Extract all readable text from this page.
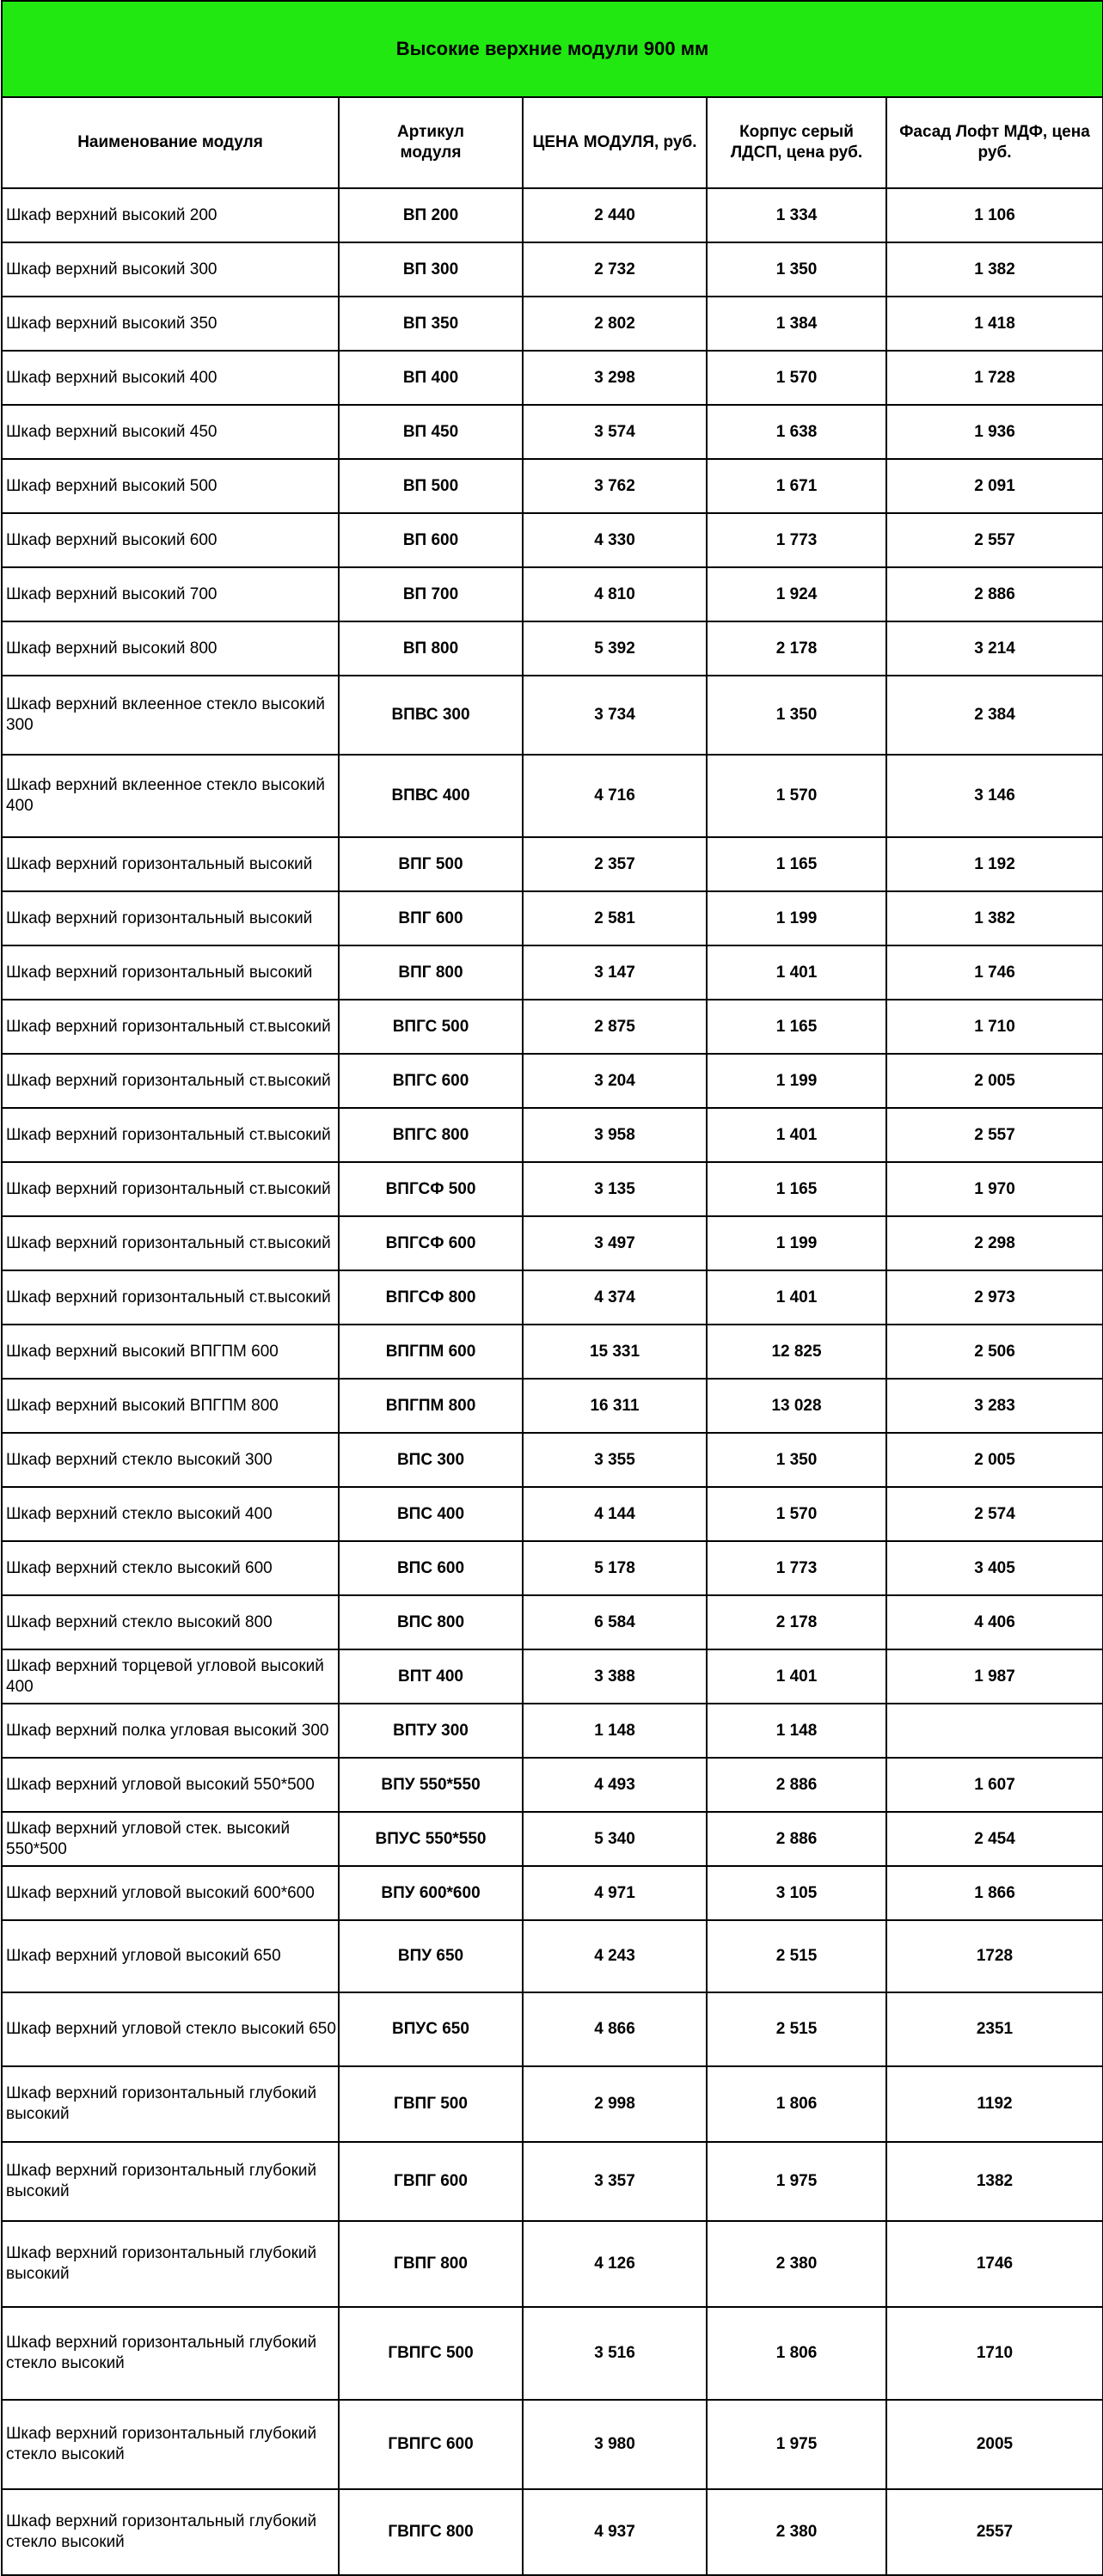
Высокие верхние модули 900 мм				
Наименование модуля	Артикул модуля	ЦЕНА МОДУЛЯ, руб.	Корпус серый ЛДСП, цена руб.	Фасад Лофт МДФ, цена руб.
Шкаф верхний высокий 200	ВП 200	2 440	1 334	1 106
Шкаф верхний высокий 300	ВП 300	2 732	1 350	1 382
Шкаф верхний высокий 350	ВП 350	2 802	1 384	1 418
Шкаф верхний высокий 400	ВП 400	3 298	1 570	1 728
Шкаф верхний высокий 450	ВП 450	3 574	1 638	1 936
Шкаф верхний высокий 500	ВП 500	3 762	1 671	2 091
Шкаф верхний высокий 600	ВП 600	4 330	1 773	2 557
Шкаф верхний высокий 700	ВП 700	4 810	1 924	2 886
Шкаф верхний высокий 800	ВП 800	5 392	2 178	3 214
Шкаф верхний вклеенное стекло высокий 300	ВПВС 300	3 734	1 350	2 384
Шкаф верхний вклеенное стекло высокий 400	ВПВС 400	4 716	1 570	3 146
Шкаф верхний горизонтальный высокий	ВПГ 500	2 357	1 165	1 192
Шкаф верхний горизонтальный высокий	ВПГ 600	2 581	1 199	1 382
Шкаф верхний горизонтальный высокий	ВПГ 800	3 147	1 401	1 746
Шкаф верхний горизонтальный ст.высокий	ВПГС 500	2 875	1 165	1 710
Шкаф верхний горизонтальный ст.высокий	ВПГС 600	3 204	1 199	2 005
Шкаф верхний горизонтальный ст.высокий	ВПГС 800	3 958	1 401	2 557
Шкаф верхний горизонтальный ст.высокий	ВПГСФ 500	3 135	1 165	1 970
Шкаф верхний горизонтальный ст.высокий	ВПГСФ 600	3 497	1 199	2 298
Шкаф верхний горизонтальный ст.высокий	ВПГСФ 800	4 374	1 401	2 973
Шкаф верхний высокий ВПГПМ 600	ВПГПМ 600	15 331	12 825	2 506
Шкаф верхний высокий ВПГПМ 800	ВПГПМ 800	16 311	13 028	3 283
Шкаф верхний стекло высокий 300	ВПС 300	3 355	1 350	2 005
Шкаф верхний стекло высокий 400	ВПС 400	4 144	1 570	2 574
Шкаф верхний стекло высокий 600	ВПС 600	5 178	1 773	3 405
Шкаф верхний стекло высокий 800	ВПС 800	6 584	2 178	4 406
Шкаф верхний торцевой угловой высокий 400	ВПТ 400	3 388	1 401	1 987
Шкаф верхний полка угловая высокий 300	ВПТУ 300	1 148	1 148	
Шкаф верхний угловой высокий 550*500	ВПУ 550*550	4 493	2 886	1 607
Шкаф верхний угловой стек. высокий 550*500	ВПУС 550*550	5 340	2 886	2 454
Шкаф верхний угловой высокий 600*600	ВПУ 600*600	4 971	3 105	1 866
Шкаф верхний угловой высокий 650	ВПУ 650	4 243	2 515	1728
Шкаф верхний угловой стекло высокий 650	ВПУС 650	4 866	2 515	2351
Шкаф верхний горизонтальный глубокий высокий	ГВПГ 500	2 998	1 806	1192
Шкаф верхний горизонтальный глубокий высокий	ГВПГ 600	3 357	1 975	1382
Шкаф верхний горизонтальный глубокий высокий	ГВПГ 800	4 126	2 380	1746
Шкаф верхний горизонтальный глубокий стекло высокий	ГВПГС 500	3 516	1 806	1710
Шкаф верхний горизонтальный глубокий стекло высокий	ГВПГС 600	3 980	1 975	2005
Шкаф верхний горизонтальный глубокий стекло высокий	ГВПГС 800	4 937	2 380	2557
